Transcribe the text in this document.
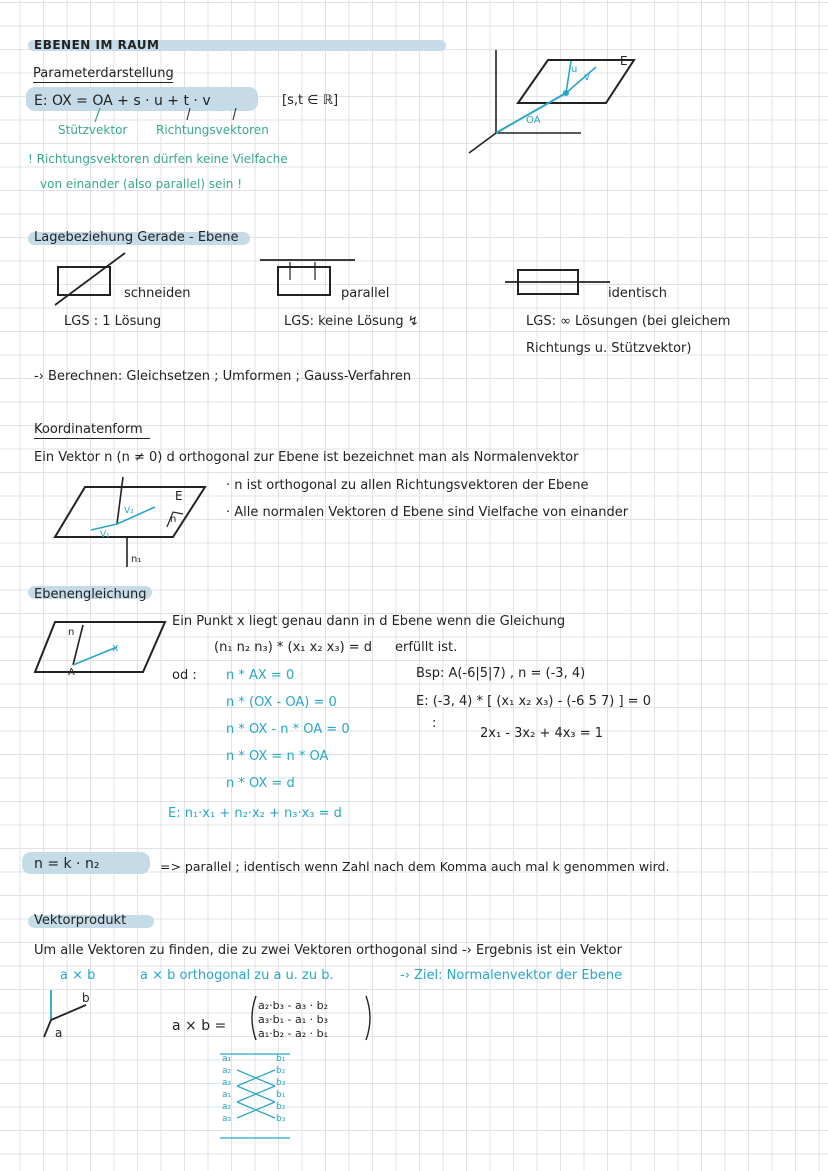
EBENEN IM RAUM
Parameterdarstellung
E: OX = OA + s · u + t · v	[s,t ∈ ℝ]
Stützvektor Richtungsvektoren
! Richtungsvektoren dürfen keine Vielfache
von einander (also parallel) sein !
E
u
v
OA
Lagebeziehung Gerade - Ebene
schneiden
LGS : 1 Lösung
parallel
LGS: keine Lösung ↯
identisch
LGS: ∞ Lösungen (bei gleichem
Richtungs u. Stützvektor)
-› Berechnen: Gleichsetzen ; Umformen ; Gauss-Verfahren
Koordinatenform
Ein Vektor n (n ≠ 0) d orthogonal zur Ebene ist bezeichnet man als Normalenvektor
· n ist orthogonal zu allen Richtungsvektoren der Ebene
· Alle normalen Vektoren d Ebene sind Vielfache von einander
E
V₂
V₁
n
n₁
Ebenengleichung
n
A
x
Ein Punkt x liegt genau dann in d Ebene wenn die Gleichung
(n₁ n₂ n₃) * (x₁ x₂ x₃) = d erfüllt ist.
od : n * AX = 0
n * (OX - OA) = 0
n * OX - n * OA = 0
n * OX = n * OA
n * OX = d
E: n₁·x₁ + n₂·x₂ + n₃·x₃ = d
Bsp: A(-6|5|7) , n = (-3, 4)
E: (-3, 4) * [ (x₁ x₂ x₃) - (-6 5 7) ] = 0
:
2x₁ - 3x₂ + 4x₃ = 1
n = k · n₂	=> parallel ; identisch wenn Zahl nach dem Komma auch mal k genommen wird.
Vektorprodukt
Um alle Vektoren zu finden, die zu zwei Vektoren orthogonal sind -› Ergebnis ist ein Vektor
a × b	a × b orthogonal zu a u. zu b.	-› Ziel: Normalenvektor der Ebene
b
a	a × b =
a₂·b₃ - a₃ · b₂
a₃·b₁ - a₁ · b₃
a₁·b₂ - a₂ · b₁
a₁
a₂
a₃
a₁
a₂
a₃
b₁
b₂
b₃
b₁
b₂
b₃
